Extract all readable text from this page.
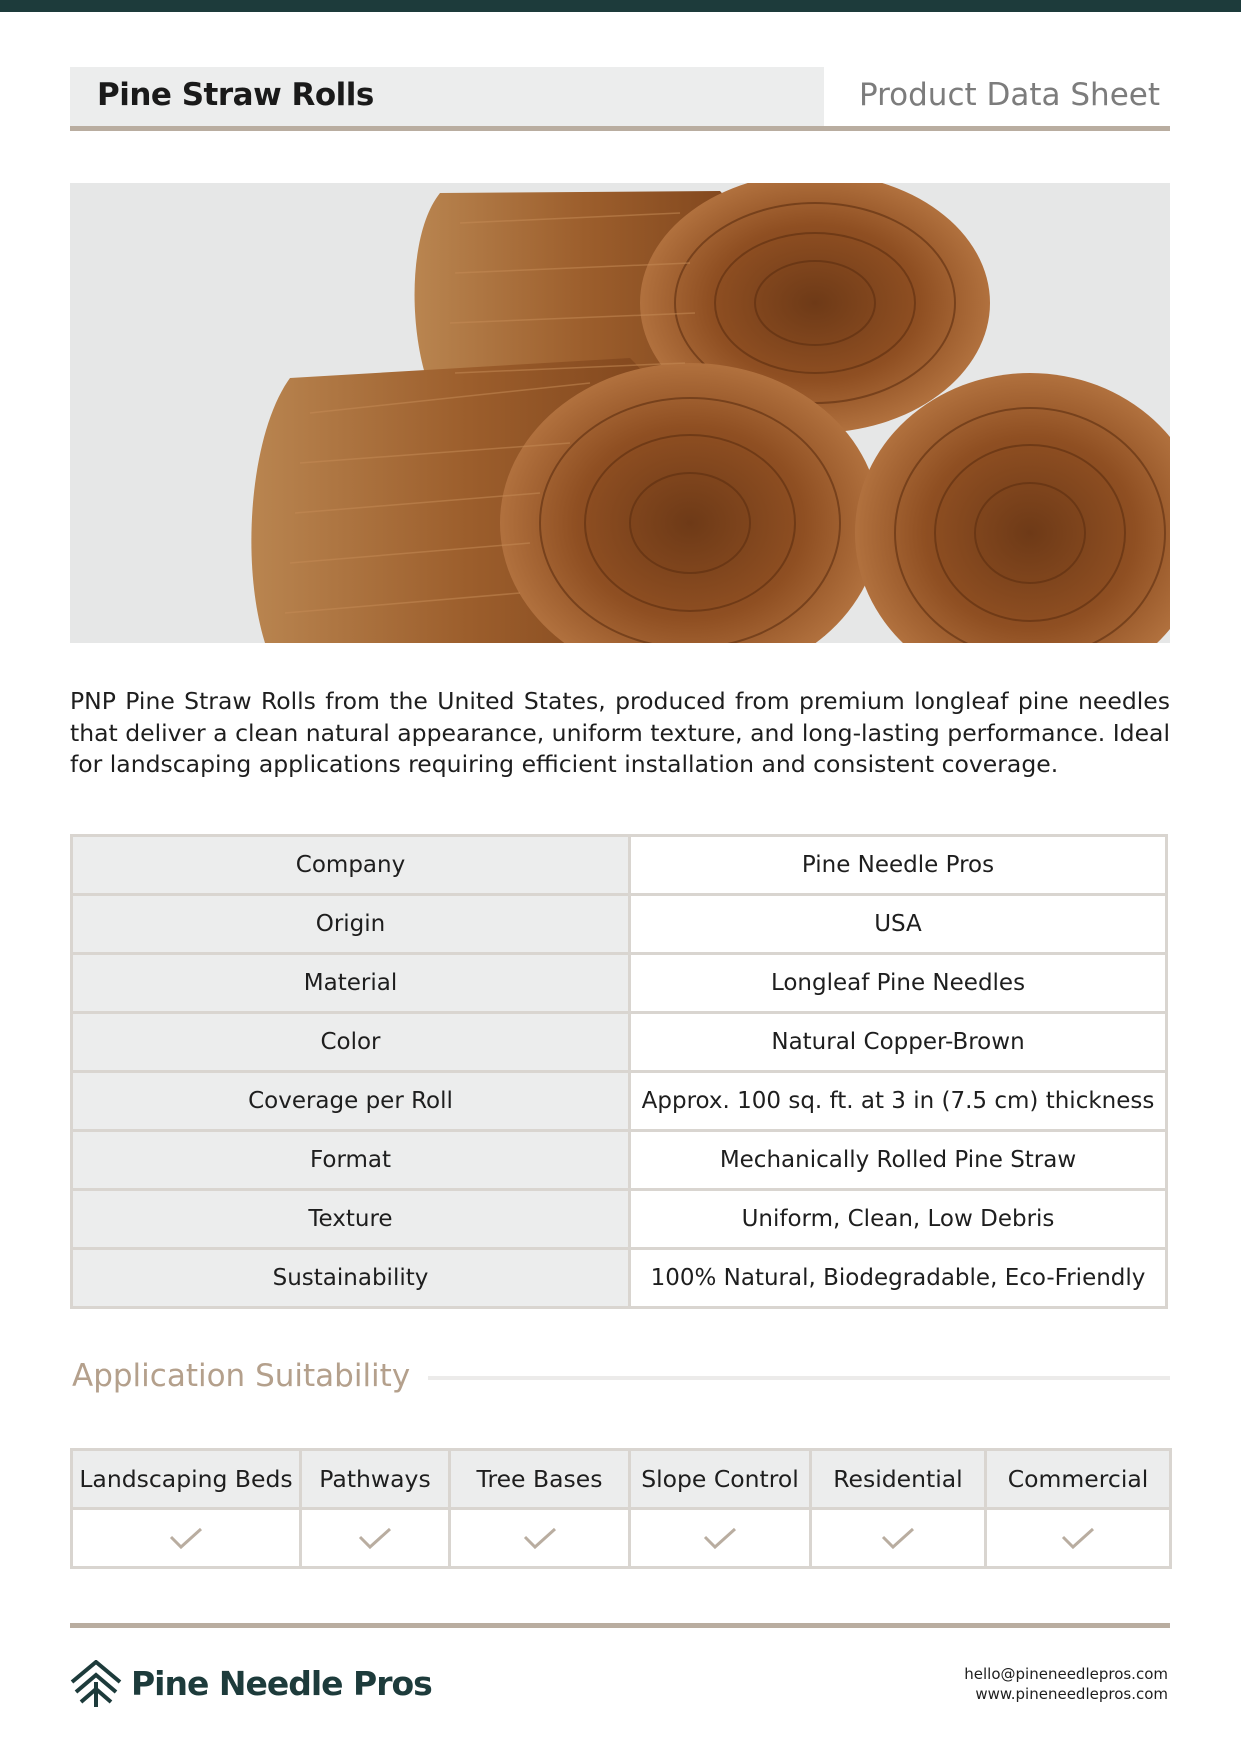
Pine Straw Rolls	Product Data Sheet

PNP Pine Straw Rolls from the United States, produced from premium longleaf pine needles that deliver a clean natural appearance, uniform texture, and long-lasting performance. Ideal for landscaping applications requiring efficient installation and consistent coverage.

Company	Pine Needle Pros
Origin	USA
Material	Longleaf Pine Needles
Color	Natural Copper-Brown
Coverage per Roll	Approx. 100 sq. ft. at 3 in (7.5 cm) thickness
Format	Mechanically Rolled Pine Straw
Texture	Uniform, Clean, Low Debris
Sustainability	100% Natural, Biodegradable, Eco-Friendly
Application Suitability
Landscaping Beds	Pathways	Tree Bases	Slope Control	Residential	Commercial

Pine Needle Pros	hello@pineneedlepros.com
www.pineneedlepros.com
